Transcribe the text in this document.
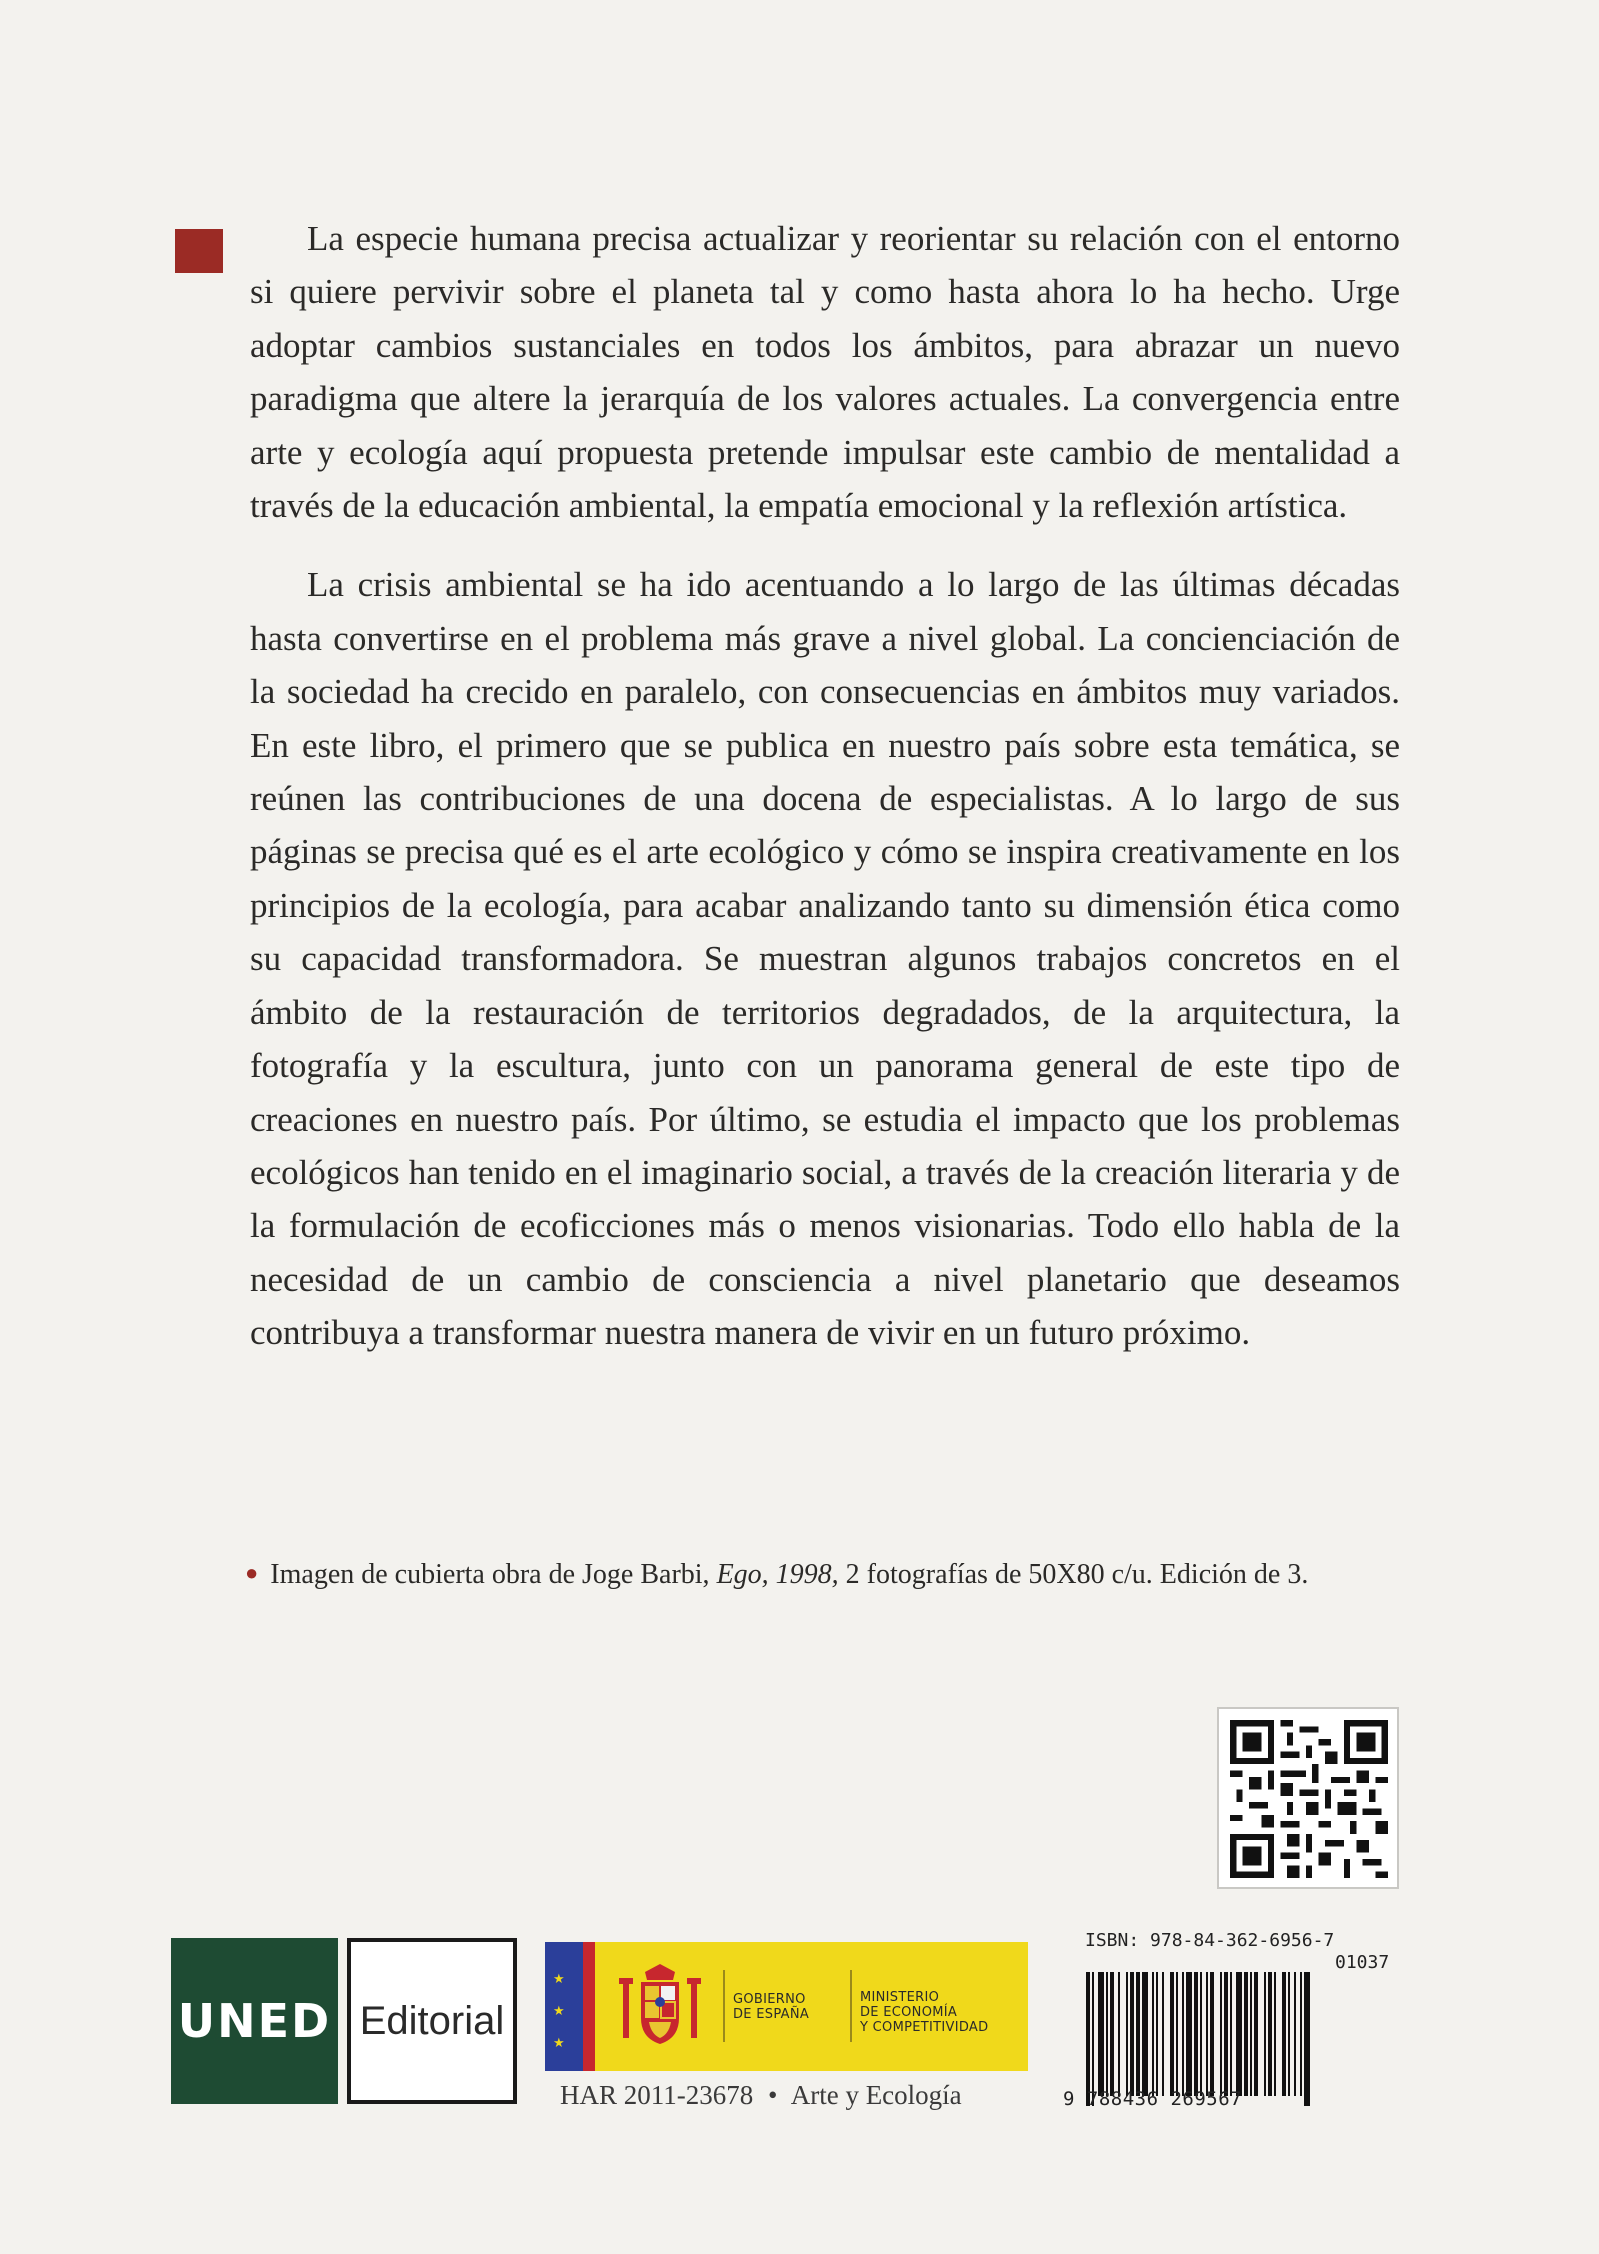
La especie humana precisa actualizar y reorientar su relación con el entorno si quiere pervivir sobre el planeta tal y como hasta ahora lo ha hecho. Urge adoptar cambios sustanciales en todos los ámbitos, para abrazar un nuevo paradigma que altere la jerarquía de los valores actuales. La convergencia entre arte y ecología aquí propuesta pretende impulsar este cambio de mentalidad a través de la educación ambiental, la empatía emocional y la reflexión artística.

La crisis ambiental se ha ido acentuando a lo largo de las últimas décadas hasta convertirse en el problema más grave a nivel global. La concienciación de la sociedad ha crecido en paralelo, con consecuencias en ámbitos muy variados. En este libro, el primero que se publica en nuestro país sobre esta temática, se reúnen las contribuciones de una docena de especialistas. A lo largo de sus páginas se precisa qué es el arte ecológico y cómo se inspira creativamente en los principios de la ecología, para acabar analizando tanto su dimensión ética como su capacidad transformadora. Se muestran algunos trabajos concretos en el ámbito de la restauración de territorios degradados, de la arquitectura, la fotografía y la escultura, junto con un panorama general de este tipo de creaciones en nuestro país. Por último, se estudia el impacto que los problemas ecológicos han tenido en el imaginario social, a través de la creación literaria y de la formulación de ecoficciones más o menos visionarias. Todo ello habla de la necesidad de un cambio de consciencia a nivel planetario que deseamos contribuya a transformar nuestra manera de vivir en un futuro próximo.

● Imagen de cubierta obra de Joge Barbi, Ego, 1998, 2 fotografías de 50X80 c/u. Edición de 3.
UNED Editorial
★
★
★
GOBIERNO
DE ESPAÑA
MINISTERIO
DE ECONOMÍA
Y COMPETITIVIDAD
HAR 2011-23678 • Arte y Ecología
ISBN: 978-84-362-6956-7
01037
9 788436 269567
